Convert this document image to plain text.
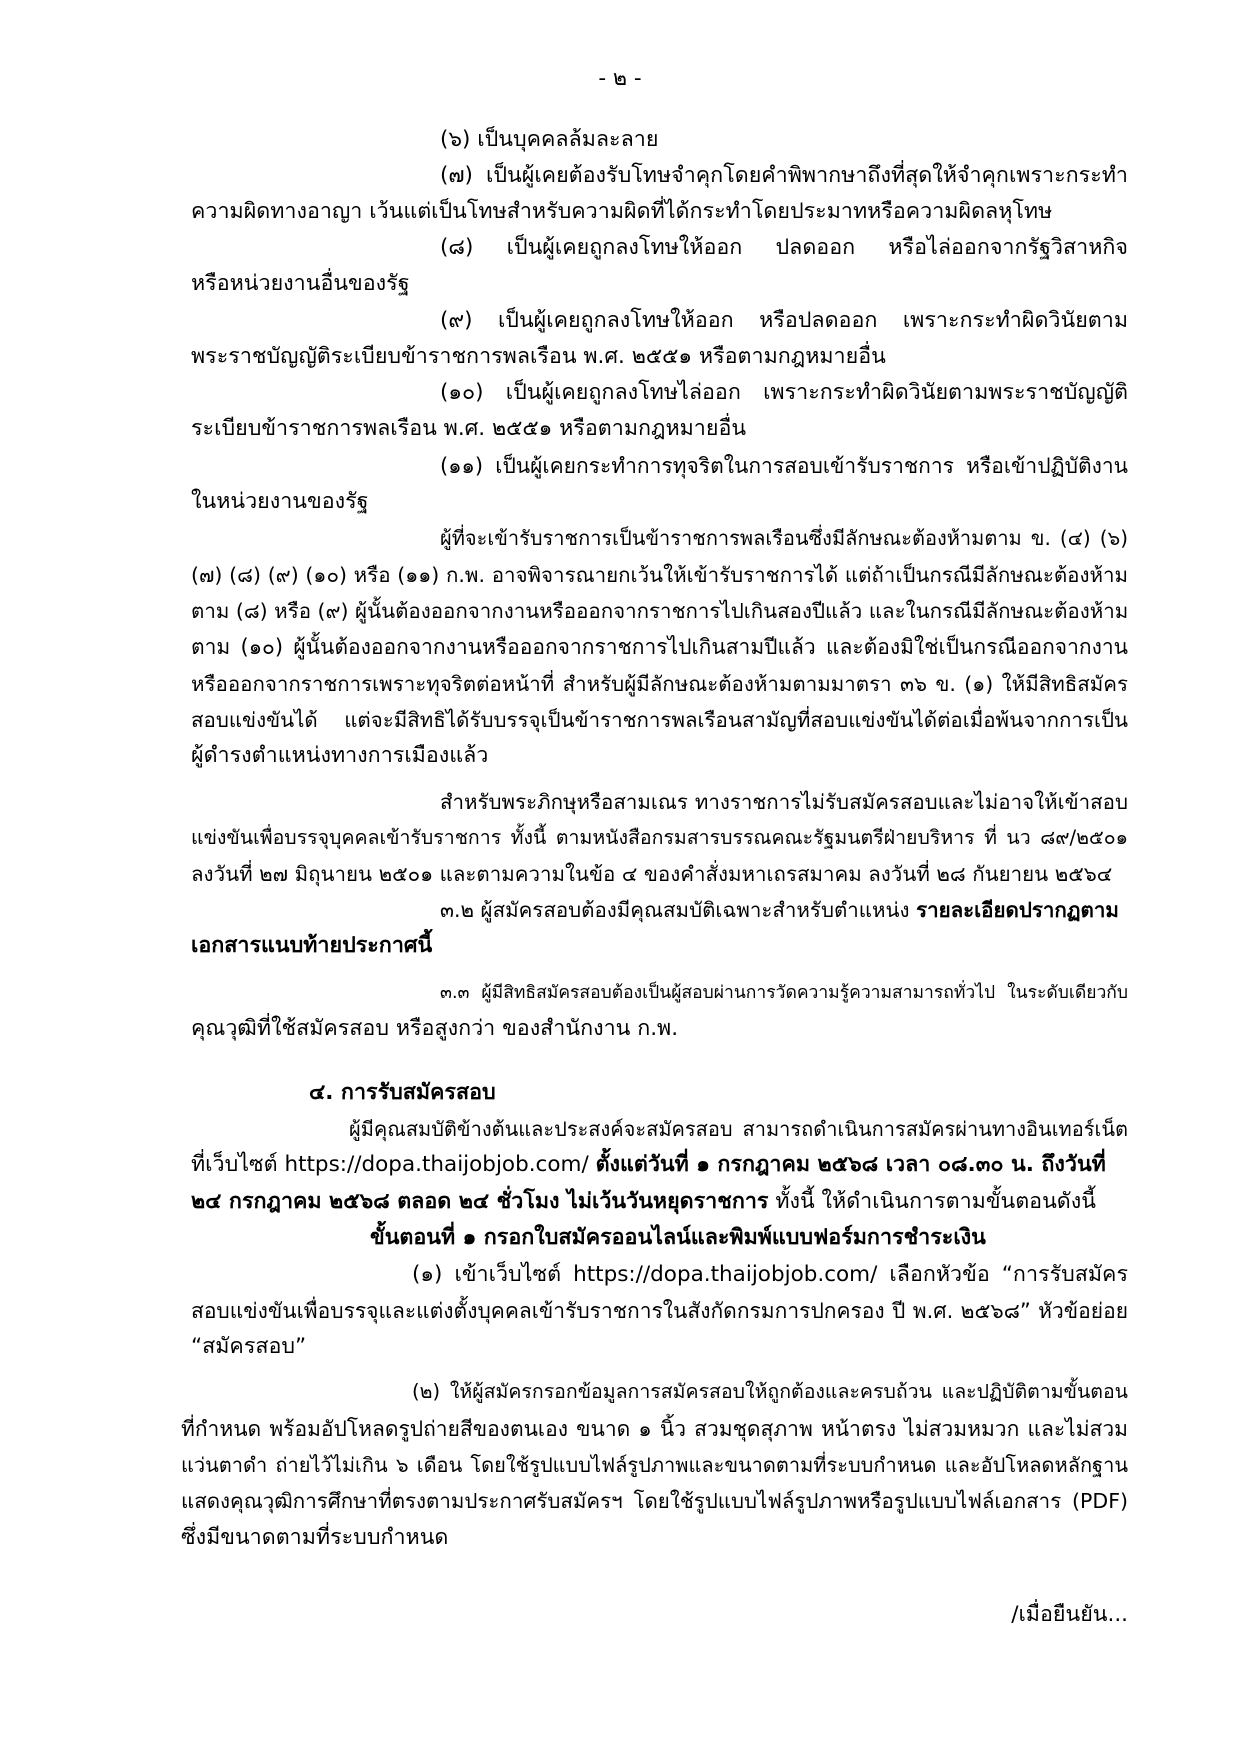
- ๒ -

(๖) เป็นบุคคลล้มละลาย

(๗) เป็นผู้เคยต้องรับโทษจำคุกโดยคำพิพากษาถึงที่สุดให้จำคุกเพราะกระทำ

ความผิดทางอาญา เว้นแต่เป็นโทษสำหรับความผิดที่ได้กระทำโดยประมาทหรือความผิดลหุโทษ

(๘) เป็นผู้เคยถูกลงโทษให้ออก ปลดออก หรือไล่ออกจากรัฐวิสาหกิจ

หรือหน่วยงานอื่นของรัฐ

(๙) เป็นผู้เคยถูกลงโทษให้ออก หรือปลดออก เพราะกระทำผิดวินัยตาม

พระราชบัญญัติระเบียบข้าราชการพลเรือน พ.ศ. ๒๕๕๑ หรือตามกฎหมายอื่น

(๑๐) เป็นผู้เคยถูกลงโทษไล่ออก เพราะกระทำผิดวินัยตามพระราชบัญญัติ

ระเบียบข้าราชการพลเรือน พ.ศ. ๒๕๕๑ หรือตามกฎหมายอื่น

(๑๑) เป็นผู้เคยกระทำการทุจริตในการสอบเข้ารับราชการ หรือเข้าปฏิบัติงาน

ในหน่วยงานของรัฐ

ผู้ที่จะเข้ารับราชการเป็นข้าราชการพลเรือนซึ่งมีลักษณะต้องห้ามตาม ข. (๔) (๖)

(๗) (๘) (๙) (๑๐) หรือ (๑๑) ก.พ. อาจพิจารณายกเว้นให้เข้ารับราชการได้ แต่ถ้าเป็นกรณีมีลักษณะต้องห้าม

ตาม (๘) หรือ (๙) ผู้นั้นต้องออกจากงานหรือออกจากราชการไปเกินสองปีแล้ว และในกรณีมีลักษณะต้องห้าม

ตาม (๑๐) ผู้นั้นต้องออกจากงานหรือออกจากราชการไปเกินสามปีแล้ว และต้องมิใช่เป็นกรณีออกจากงาน

หรือออกจากราชการเพราะทุจริตต่อหน้าที่ สำหรับผู้มีลักษณะต้องห้ามตามมาตรา ๓๖ ข. (๑) ให้มีสิทธิสมัคร

สอบแข่งขันได้ แต่จะมีสิทธิได้รับบรรจุเป็นข้าราชการพลเรือนสามัญที่สอบแข่งขันได้ต่อเมื่อพ้นจากการเป็น

ผู้ดำรงตำแหน่งทางการเมืองแล้ว

สำหรับพระภิกษุหรือสามเณร ทางราชการไม่รับสมัครสอบและไม่อาจให้เข้าสอบ

แข่งขันเพื่อบรรจุบุคคลเข้ารับราชการ ทั้งนี้ ตามหนังสือกรมสารบรรณคณะรัฐมนตรีฝ่ายบริหาร ที่ นว ๘๙/๒๕๐๑

ลงวันที่ ๒๗ มิถุนายน ๒๕๐๑ และตามความในข้อ ๔ ของคำสั่งมหาเถรสมาคม ลงวันที่ ๒๘ กันยายน ๒๕๖๔

๓.๒ ผู้สมัครสอบต้องมีคุณสมบัติเฉพาะสำหรับตำแหน่ง รายละเอียดปรากฏตาม

เอกสารแนบท้ายประกาศนี้

๓.๓ ผู้มีสิทธิสมัครสอบต้องเป็นผู้สอบผ่านการวัดความรู้ความสามารถทั่วไป ในระดับเดียวกับ

คุณวุฒิที่ใช้สมัครสอบ หรือสูงกว่า ของสำนักงาน ก.พ.

๔. การรับสมัครสอบ

ผู้มีคุณสมบัติข้างต้นและประสงค์จะสมัครสอบ สามารถดำเนินการสมัครผ่านทางอินเทอร์เน็ต

ที่เว็บไซต์ https://dopa.thaijobjob.com/ ตั้งแต่วันที่ ๑ กรกฎาคม ๒๕๖๘ เวลา ๐๘.๓๐ น. ถึงวันที่

๒๔ กรกฎาคม ๒๕๖๘ ตลอด ๒๔ ชั่วโมง ไม่เว้นวันหยุดราชการ ทั้งนี้ ให้ดำเนินการตามขั้นตอนดังนี้

ขั้นตอนที่ ๑ กรอกใบสมัครออนไลน์และพิมพ์แบบฟอร์มการชำระเงิน

(๑) เข้าเว็บไซต์ https://dopa.thaijobjob.com/ เลือกหัวข้อ “การรับสมัคร

สอบแข่งขันเพื่อบรรจุและแต่งตั้งบุคคลเข้ารับราชการในสังกัดกรมการปกครอง ปี พ.ศ. ๒๕๖๘” หัวข้อย่อย

“สมัครสอบ”

(๒) ให้ผู้สมัครกรอกข้อมูลการสมัครสอบให้ถูกต้องและครบถ้วน และปฏิบัติตามขั้นตอน

ที่กำหนด พร้อมอัปโหลดรูปถ่ายสีของตนเอง ขนาด ๑ นิ้ว สวมชุดสุภาพ หน้าตรง ไม่สวมหมวก และไม่สวม

แว่นตาดำ ถ่ายไว้ไม่เกิน ๖ เดือน โดยใช้รูปแบบไฟล์รูปภาพและขนาดตามที่ระบบกำหนด และอัปโหลดหลักฐาน

แสดงคุณวุฒิการศึกษาที่ตรงตามประกาศรับสมัครฯ โดยใช้รูปแบบไฟล์รูปภาพหรือรูปแบบไฟล์เอกสาร (PDF)

ซึ่งมีขนาดตามที่ระบบกำหนด

/เมื่อยืนยัน...
